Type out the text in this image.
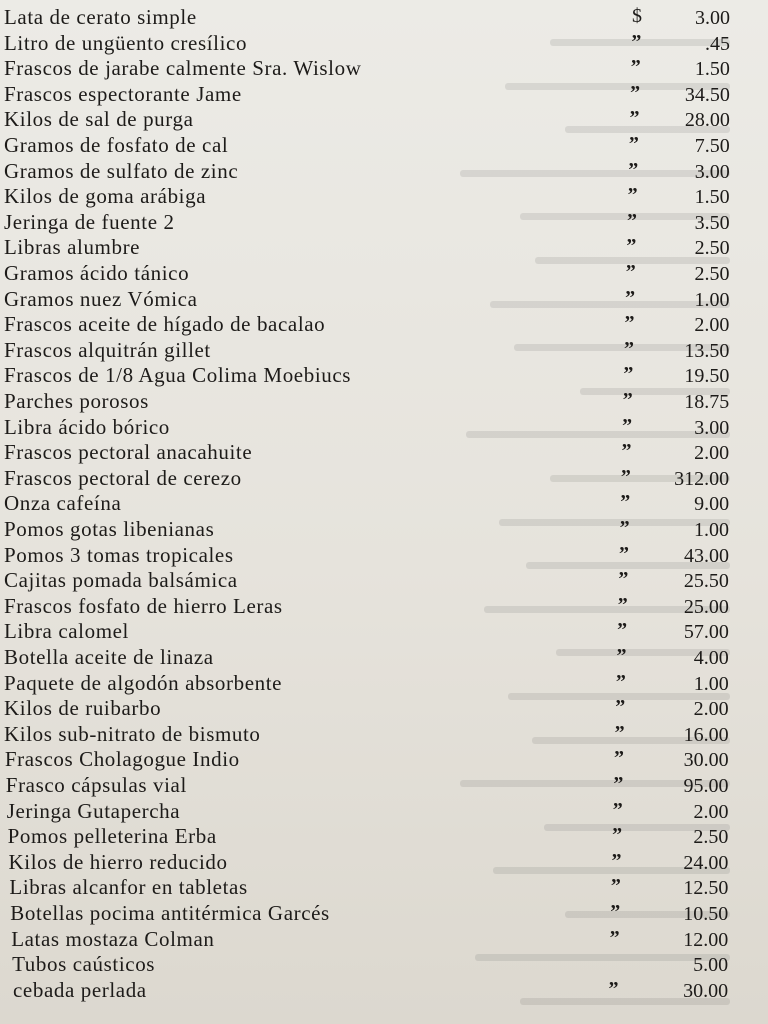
Lata de cerato simple	$	3.00
Litro de ungüento cresílico	”	.45
Frascos de jarabe calmente Sra. Wislow	”	1.50
Frascos espectorante Jame	” 34.50
Kilos de sal de purga	” 28.00
Gramos de fosfato de cal	”	7.50
Gramos de sulfato de zinc	”	3.00
Kilos de goma arábiga	”	1.50
Jeringa de fuente 2	”	3.50
Libras alumbre	”	2.50
Gramos ácido tánico	”	2.50
Gramos nuez Vómica	”	1.00
Frascos aceite de hígado de bacalao	”	2.00
Frascos alquitrán gillet	”	13.50
Frascos de 1/8 Agua Colima Moebiucs	”	19.50
Parches porosos	”	18.75
Libra ácido bórico	”	3.00
Frascos pectoral anacahuite	”	2.00
Frascos pectoral de cerezo	” 312.00
Onza cafeína	”	9.00
Pomos gotas libenianas	”	1.00
Pomos 3 tomas tropicales	”	43.00
Cajitas pomada balsámica	”	25.50
Frascos fosfato de hierro Leras	”	25.00
Libra calomel	”	57.00
Botella aceite de linaza	”	4.00
Paquete de algodón absorbente	”	1.00
Kilos de ruibarbo	”	2.00
Kilos sub-nitrato de bismuto	”	16.00
Frascos Cholagogue Indio	”	30.00
Frasco cápsulas vial	”	95.00
Jeringa Gutapercha	”	2.00
Pomos pelleterina Erba	”	2.50
Kilos de hierro reducido	”	24.00
Libras alcanfor en tabletas	”	12.50
Botellas pocima antitérmica Garcés	”	10.50
Latas mostaza Colman	”	12.00
Tubos caústicos	5.00
cebada perlada	”	30.00
